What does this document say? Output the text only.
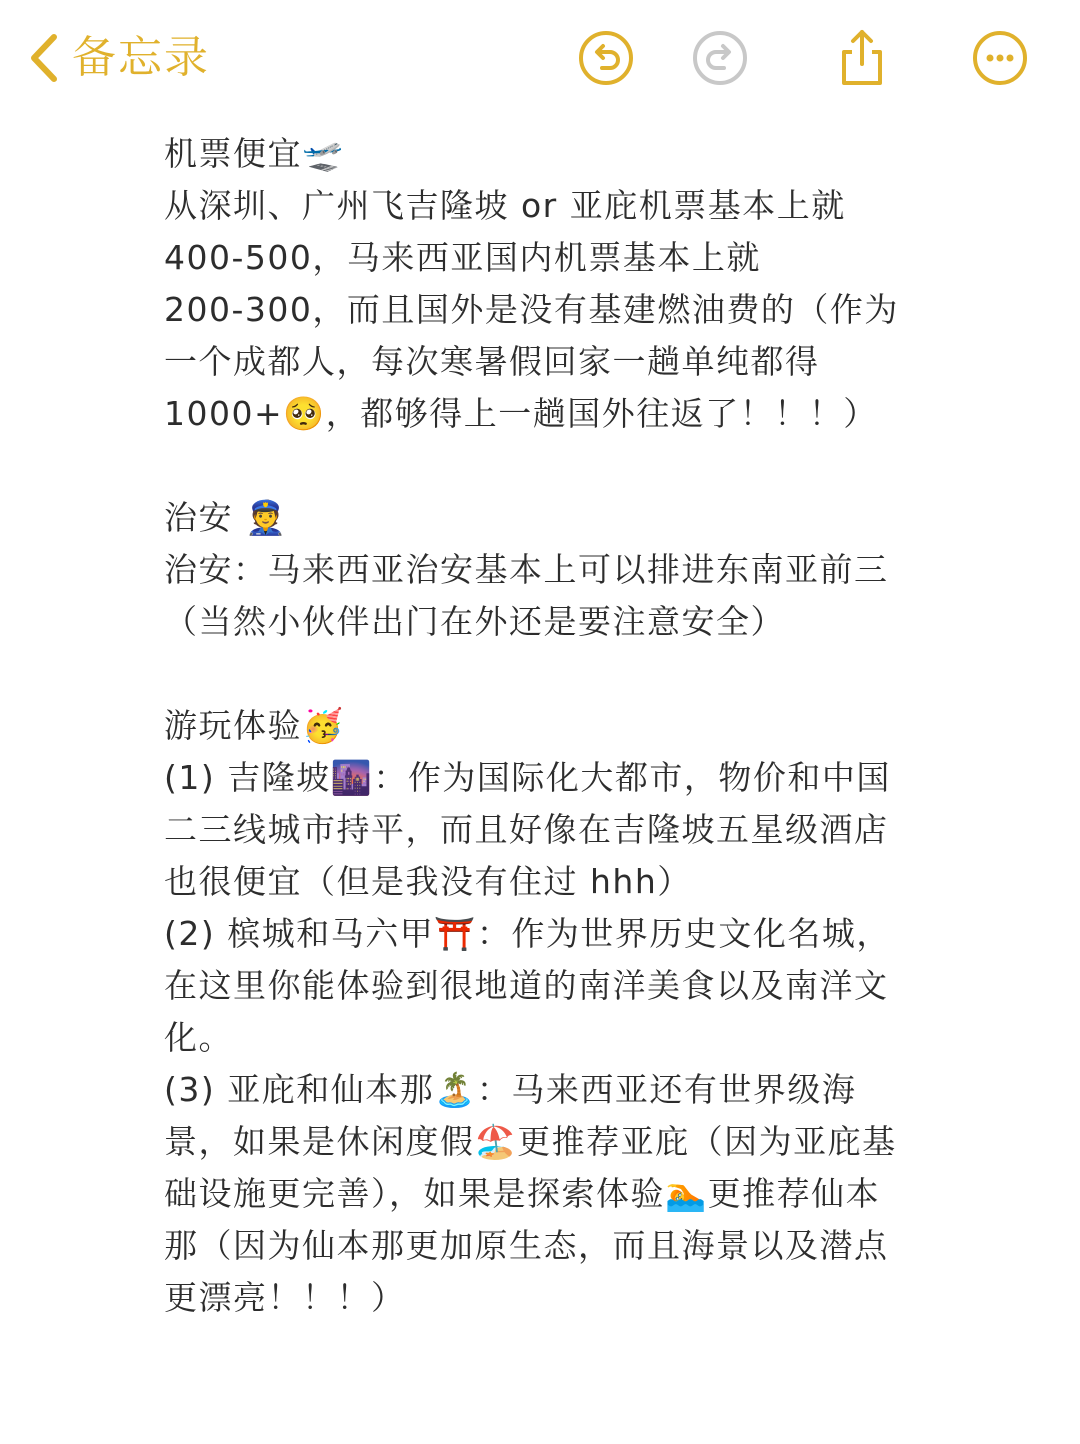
备忘录
机票便宜🛫
从深圳、广州飞吉隆坡 or 亚庇机票基本上就
400-500，马来西亚国内机票基本上就
200-300，而且国外是没有基建燃油费的（作为
一个成都人，每次寒暑假回家一趟单纯都得
1000+🥺，都够得上一趟国外往返了！！！）
治安 👮
治安：马来西亚治安基本上可以排进东南亚前三
（当然小伙伴出门在外还是要注意安全）
游玩体验🥳
(1) 吉隆坡🌆：作为国际化大都市，物价和中国
二三线城市持平，而且好像在吉隆坡五星级酒店
也很便宜（但是我没有住过 hhh）
(2) 槟城和马六甲⛩️：作为世界历史文化名城，
在这里你能体验到很地道的南洋美食以及南洋文
化。
(3) 亚庇和仙本那🏝️：马来西亚还有世界级海
景，如果是休闲度假🏖️更推荐亚庇（因为亚庇基
础设施更完善），如果是探索体验🏊更推荐仙本
那（因为仙本那更加原生态，而且海景以及潜点
更漂亮！！！）
